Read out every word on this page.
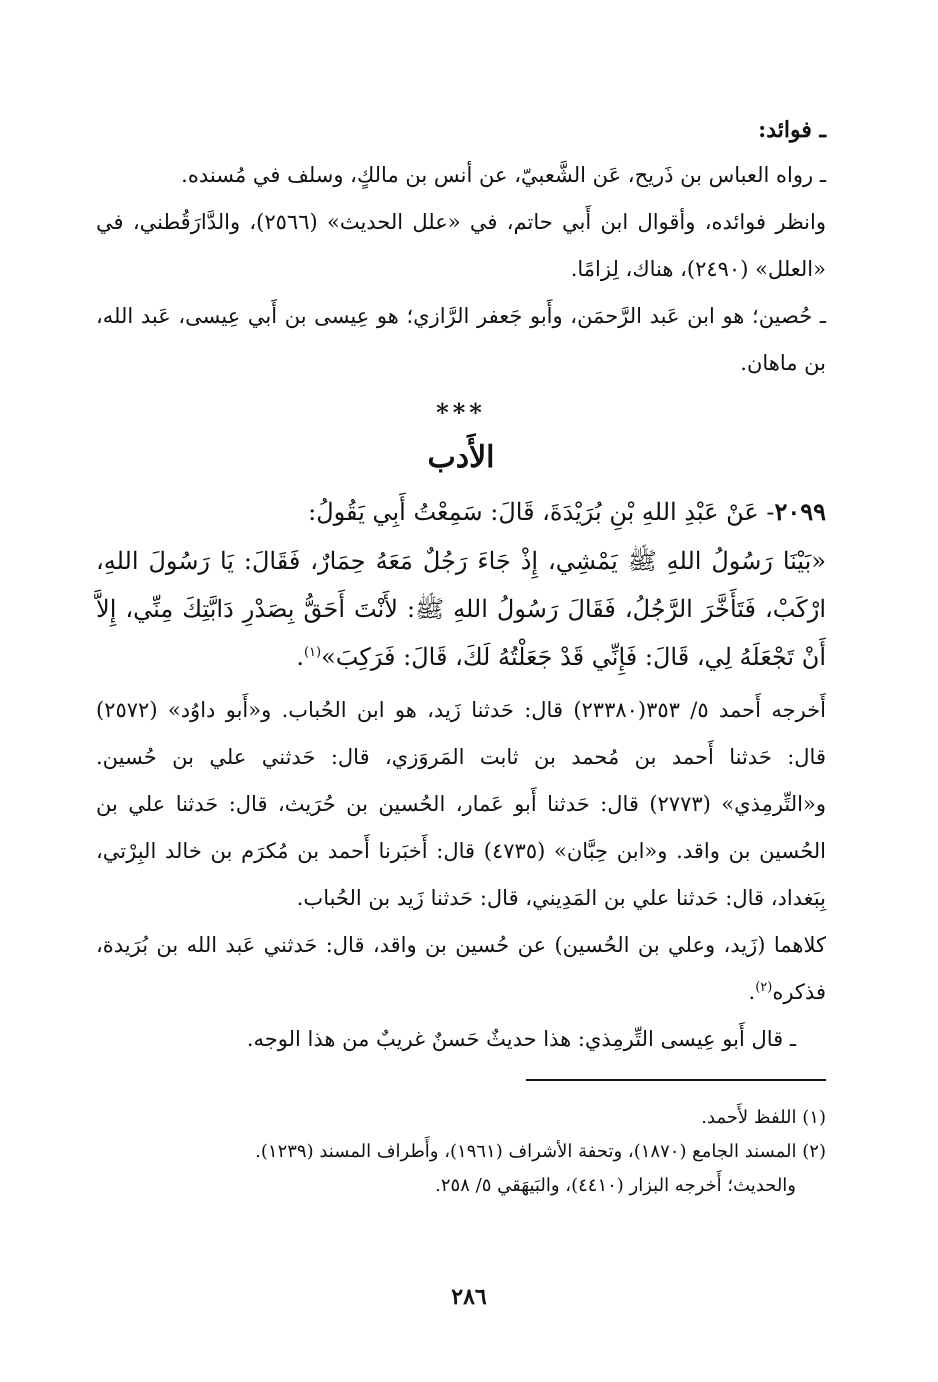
ـ فوائد:

ـ رواه العباس بن ذَريح، عَن الشَّعبيّ، عن أنس بن مالكٍ، وسلف في مُسنده.

وانظر فوائده، وأقوال ابن أَبي حاتم، في «علل الحديث» (٢٥٦٦)، والدَّارَقُطني، في «العلل» (٢٤٩٠)، هناك، لِزامًا.

ـ حُصين؛ هو ابن عَبد الرَّحمَن، وأَبو جَعفر الرَّازي؛ هو عِيسى بن أَبي عِيسى، عَبد الله، بن ماهان.

***
الأَدب

٢٠٩٩- عَنْ عَبْدِ اللهِ بْنِ بُرَيْدَةَ، قَالَ: سَمِعْتُ أَبِي يَقُولُ:

«بَيْنَا رَسُولُ اللهِ ﷺ يَمْشِي، إِذْ جَاءَ رَجُلٌ مَعَهُ حِمَارٌ، فَقَالَ: يَا رَسُولَ اللهِ، ارْكَبْ، فَتَأَخَّرَ الرَّجُلُ، فَقَالَ رَسُولُ اللهِ ﷺ: لأَنْتَ أَحَقُّ بِصَدْرِ دَابَّتِكَ مِنِّي، إِلاَّ أَنْ تَجْعَلَهُ لِي، قَالَ: فَإِنِّي قَدْ جَعَلْتُهُ لَكَ، قَالَ: فَرَكِبَ»$^{(١)}$.

أَخرجه أَحمد ٥/ ٣٥٣(٢٣٣٨٠) قال: حَدثنا زَيد، هو ابن الحُباب. و«أَبو داوُد» (٢٥٧٢) قال: حَدثنا أَحمد بن مُحمد بن ثابت المَروَزي، قال: حَدثني علي بن حُسين. و«التِّرمِذي» (٢٧٧٣) قال: حَدثنا أَبو عَمار، الحُسين بن حُرَيث، قال: حَدثنا علي بن الحُسين بن واقد. و«ابن حِبَّان» (٤٧٣٥) قال: أَخبَرنا أَحمد بن مُكرَم بن خالد البِرْتي، بِبَغداد، قال: حَدثنا علي بن المَدِيني، قال: حَدثنا زَيد بن الحُباب.

كلاهما (زَيد، وعلي بن الحُسين) عن حُسين بن واقد، قال: حَدثني عَبد الله بن بُرَيدة، فذكره$^{(٢)}$.

ـ قال أَبو عِيسى التِّرمِذي: هذا حديثٌ حَسنٌ غريبٌ من هذا الوجه.

(١) اللفظ لأَحمد.

(٢) المسند الجامع (١٨٧٠)، وتحفة الأشراف (١٩٦١)، وأَطراف المسند (١٢٣٩).

والحديث؛ أَخرجه البزار (٤٤١٠)، والبَيهَقي ٥/ ٢٥٨.

٢٨٦
